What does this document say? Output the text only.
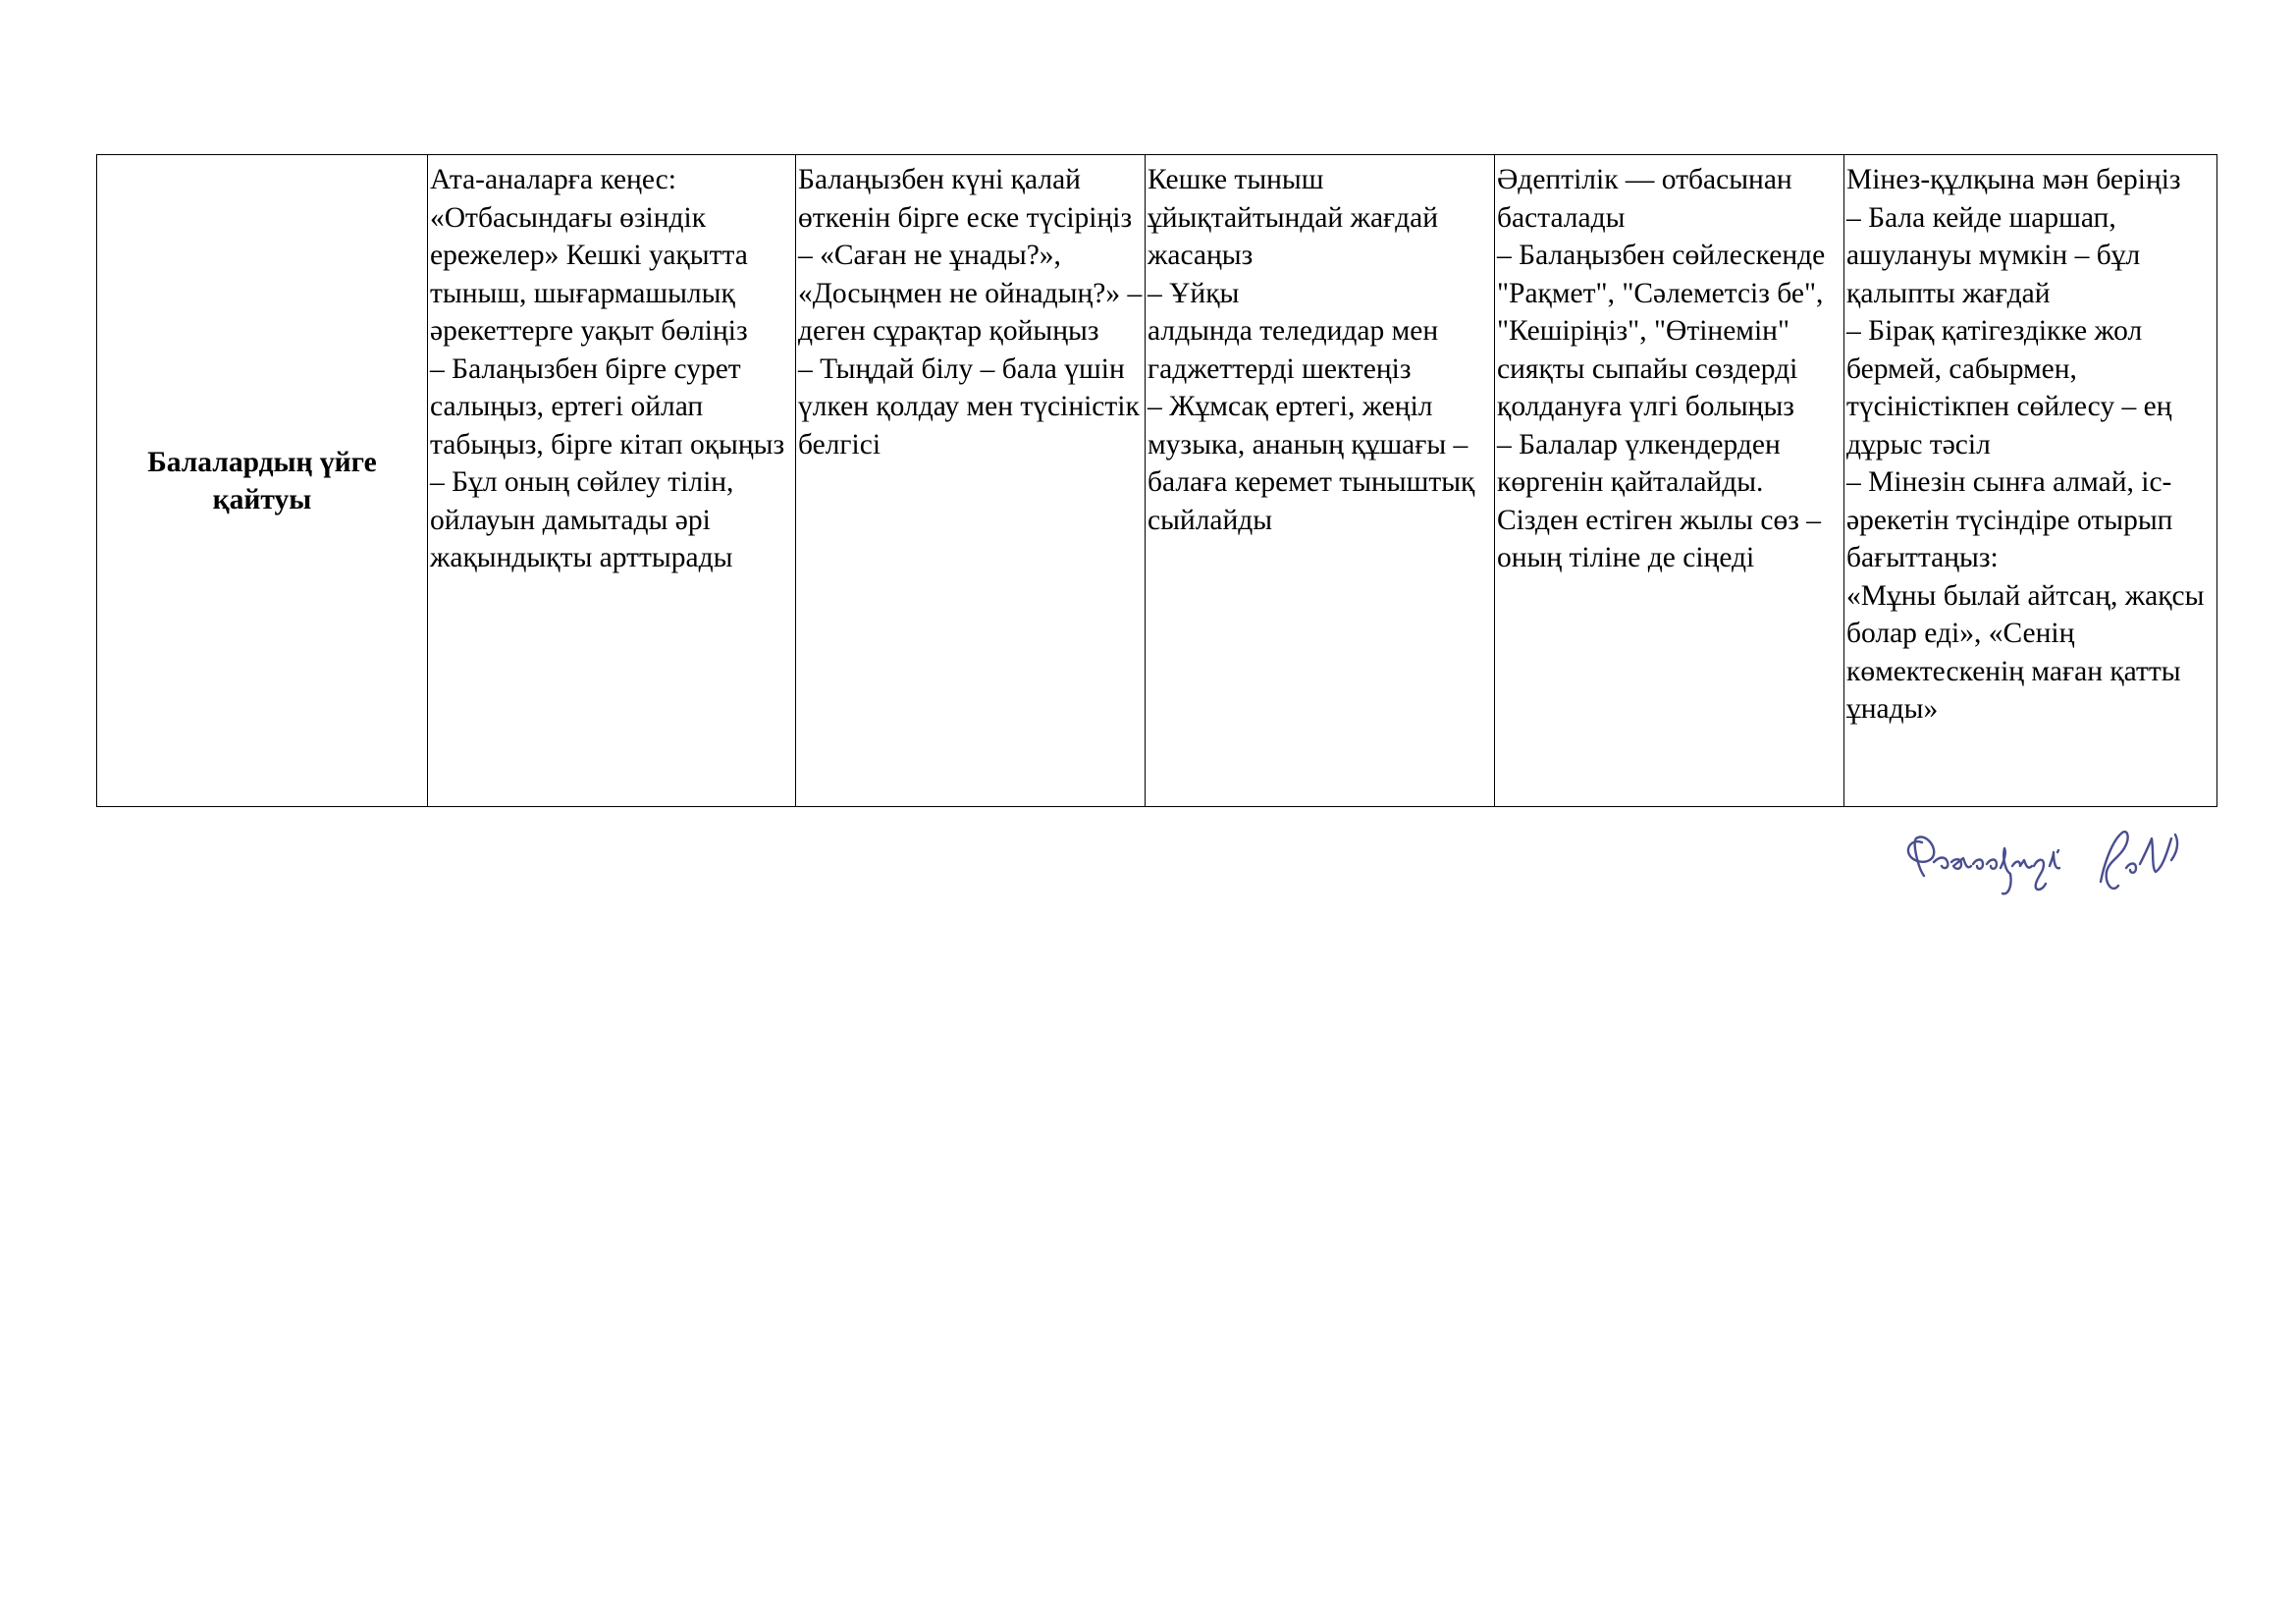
Балалардың үйге қайтуы	Ата-аналарға кеңес: «Отбасындағы өзіндік ережелер» Кешкі уақытта тыныш, шығармашылық әрекеттерге уақыт бөліңіз
– Балаңызбен бірге сурет салыңыз, ертегі ойлап табыңыз, бірге кітап оқыңыз
– Бұл оның сөйлеу тілін, ойлауын дамытады әрі жақындықты арттырады	Балаңызбен күні қалай өткенін бірге еске түсіріңіз
– «Саған не ұнады?», «Досыңмен не ойнадың?» – деген сұрақтар қойыңыз
– Тыңдай білу – бала үшін үлкен қолдау мен түсіністік белгісі	Кешке тыныш ұйықтайтындай жағдай жасаңыз
– Ұйқы
алдында теледидар мен гаджеттерді шектеңіз
– Жұмсақ ертегі, жеңіл музыка, ананың құшағы – балаға керемет тыныштық сыйлайды	Әдептілік — отбасынан басталады
– Балаңызбен сөйлескенде "Рақмет", "Сәлеметсіз бе", "Кешіріңіз", "Өтінемін" сияқты сыпайы сөздерді қолдануға үлгі болыңыз
– Балалар үлкендерден көргенін қайталайды. Сізден естіген жылы сөз – оның тіліне де сіңеді	Мінез-құлқына мән беріңіз
– Бала кейде шаршап, ашулануы мүмкін – бұл қалыпты жағдай
– Бірақ қатігездікке жол бермей, сабырмен, түсіністікпен сөйлесу – ең дұрыс тәсіл
– Мінезін сынға алмай, іс-әрекетін түсіндіре отырып бағыттаңыз:
«Мұны былай айтсаң, жақсы болар еді», «Сенің көмектескенің маған қатты ұнады»
